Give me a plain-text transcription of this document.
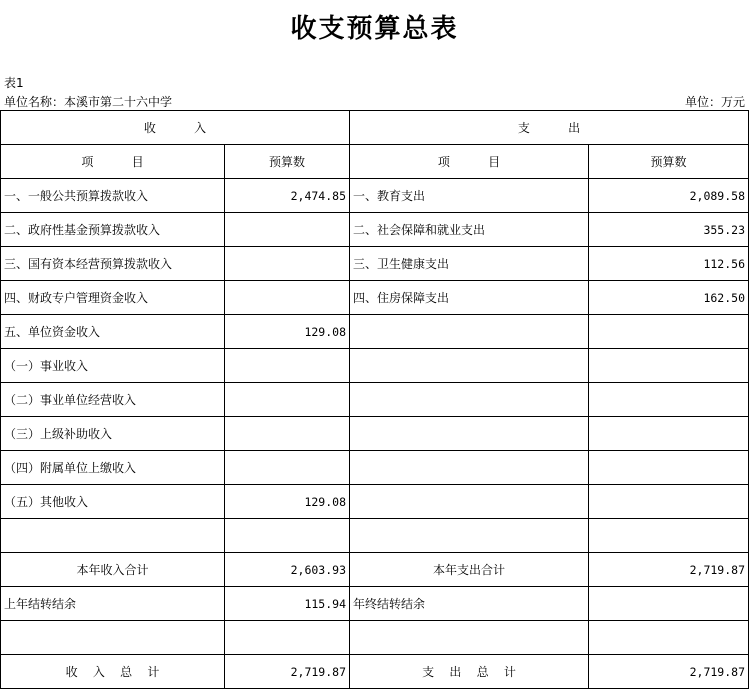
收支预算总表
表1
单位名称：本溪市第二十六中学	单位：万元
收          入		支          出	
项          目	预算数	项          目	预算数
一、一般公共预算拨款收入	2,474.85	一、教育支出	2,089.58
二、政府性基金预算拨款收入		二、社会保障和就业支出	355.23
三、国有资本经营预算拨款收入		三、卫生健康支出	112.56
四、财政专户管理资金收入		四、住房保障支出	162.50
五、单位资金收入	129.08		
（一）事业收入			
（二）事业单位经营收入			
（三）上级补助收入			
（四）附属单位上缴收入			
（五）其他收入	129.08		

本年收入合计	2,603.93	本年支出合计	2,719.87
上年结转结余	115.94	年终结转结余	

收    入    总    计	2,719.87	支    出    总    计	2,719.87
